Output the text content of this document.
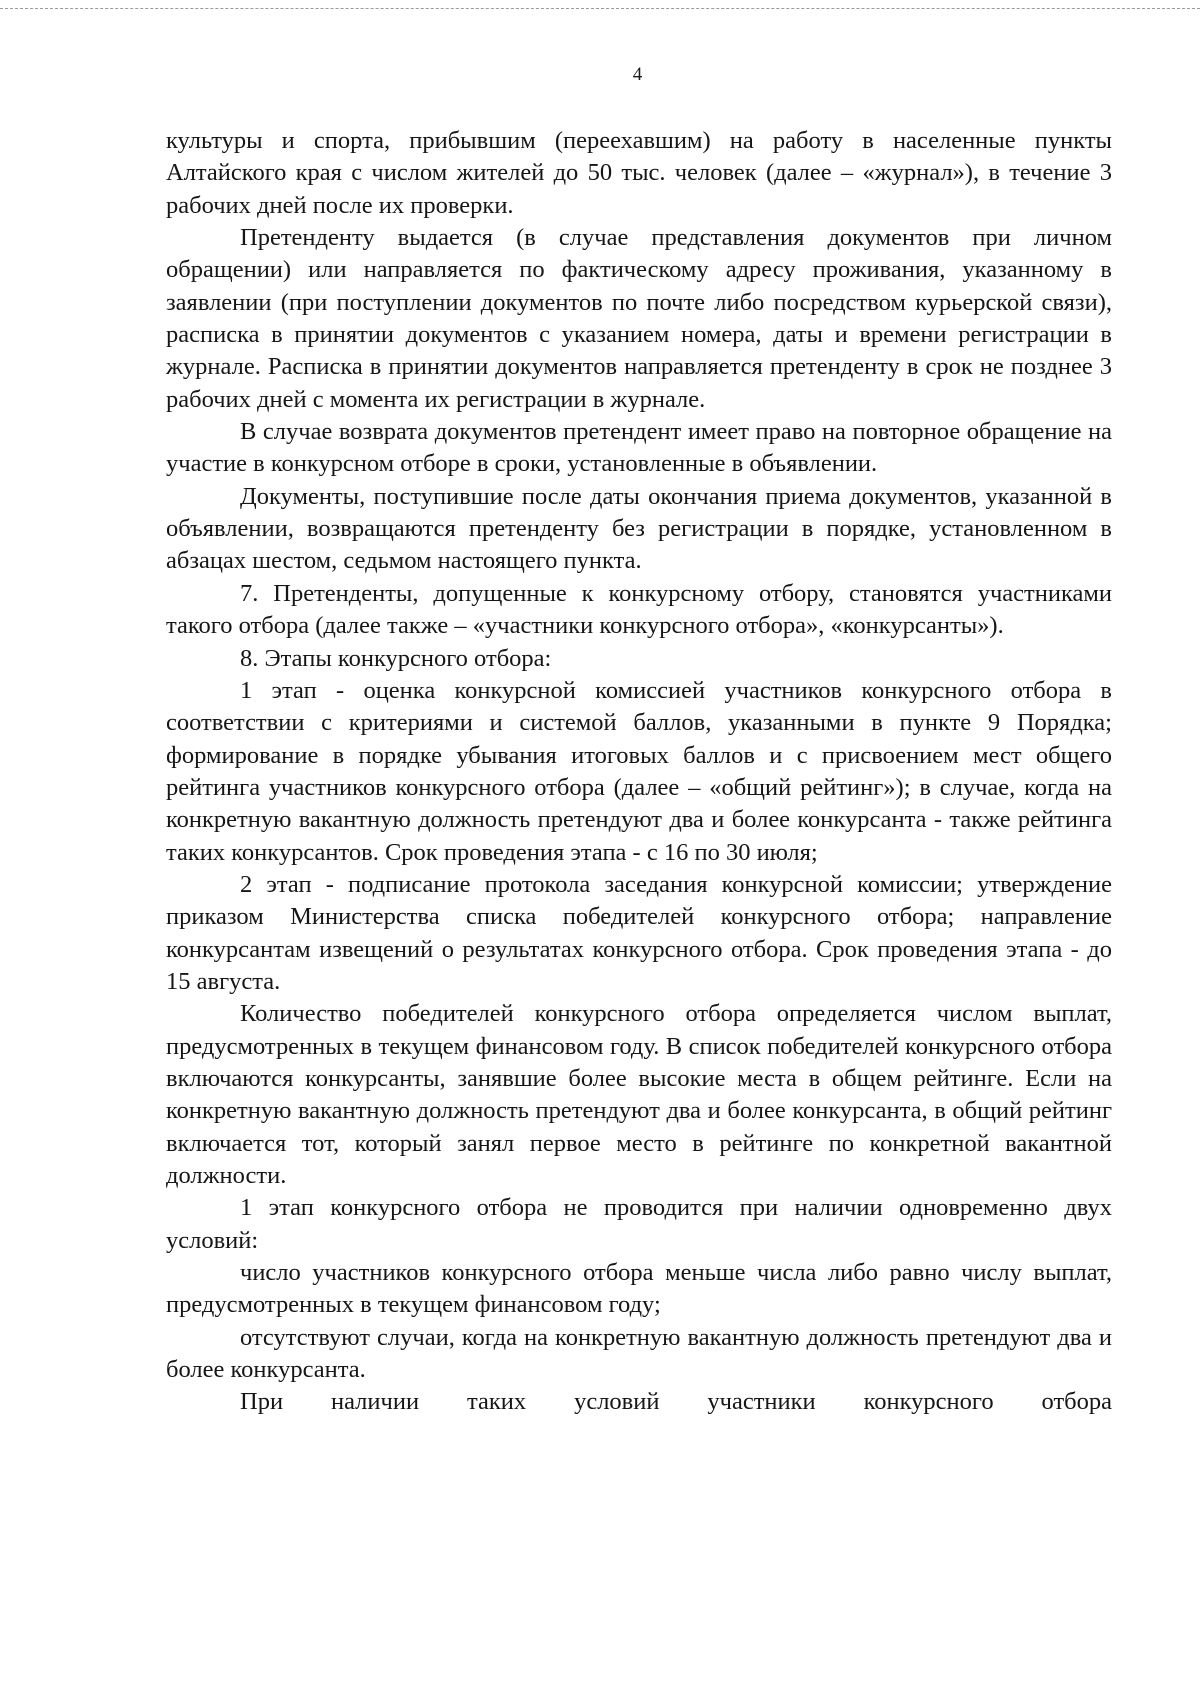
4

культуры и спорта, прибывшим (переехавшим) на работу в населенные пункты Алтайского края с числом жителей до 50 тыс. человек (далее – «журнал»), в течение 3 рабочих дней после их проверки.

Претенденту выдается (в случае представления документов при личном обращении) или направляется по фактическому адресу проживания, указанному в заявлении (при поступлении документов по почте либо посредством курьерской связи), расписка в принятии документов с указанием номера, даты и времени регистрации в журнале. Расписка в принятии документов направляется претенденту в срок не позднее 3 рабочих дней с момента их регистрации в журнале.

В случае возврата документов претендент имеет право на повторное обращение на участие в конкурсном отборе в сроки, установленные в объявлении.

Документы, поступившие после даты окончания приема документов, указанной в объявлении, возвращаются претенденту без регистрации в порядке, установленном в абзацах шестом, седьмом настоящего пункта.

7. Претенденты, допущенные к конкурсному отбору, становятся участниками такого отбора (далее также – «участники конкурсного отбора», «конкурсанты»).

8. Этапы конкурсного отбора:

1 этап - оценка конкурсной комиссией участников конкурсного отбора в соответствии с критериями и системой баллов, указанными в пункте 9 Порядка; формирование в порядке убывания итоговых баллов и с присвоением мест общего рейтинга участников конкурсного отбора (далее – «общий рейтинг»); в случае, когда на конкретную вакантную должность претендуют два и более конкурсанта - также рейтинга таких конкурсантов. Срок проведения этапа - с 16 по 30 июля;

2 этап - подписание протокола заседания конкурсной комиссии; утверждение приказом Министерства списка победителей конкурсного отбора; направление конкурсантам извещений о результатах конкурсного отбора. Срок проведения этапа - до 15 августа.

Количество победителей конкурсного отбора определяется числом выплат, предусмотренных в текущем финансовом году. В список победителей конкурсного отбора включаются конкурсанты, занявшие более высокие места в общем рейтинге. Если на конкретную вакантную должность претендуют два и более конкурсанта, в общий рейтинг включается тот, который занял первое место в рейтинге по конкретной вакантной должности.

1 этап конкурсного отбора не проводится при наличии одновременно двух условий:

число участников конкурсного отбора меньше числа либо равно числу выплат, предусмотренных в текущем финансовом году;

отсутствуют случаи, когда на конкретную вакантную должность претендуют два и более конкурсанта.

При наличии таких условий участники конкурсного отбора
